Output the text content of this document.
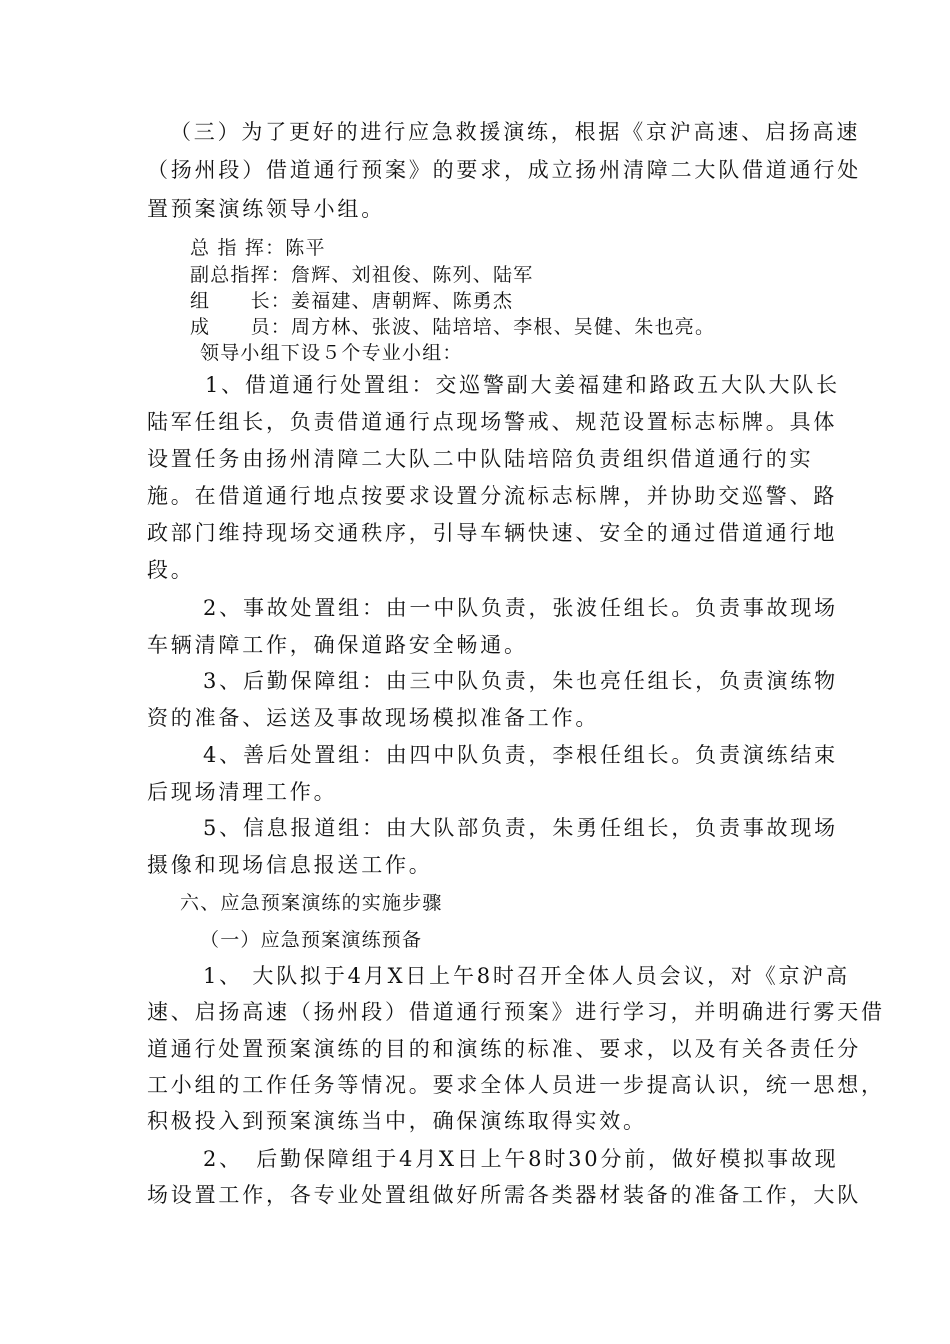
（三）为了更好的进行应急救援演练，根据《京沪高速、启扬高速
（扬州段）借道通行预案》的要求，成立扬州清障二大队借道通行处
置预案演练领导小组。
总 指 挥：陈平
副总指挥：詹辉、刘祖俊、陈列、陆军
组　　长：姜福建、唐朝辉、陈勇杰
成　　员：周方林、张波、陆培培、李根、吴健、朱也亮。
领导小组下设５个专业小组：
1、借道通行处置组：交巡警副大姜福建和路政五大队大队长
陆军任组长，负责借道通行点现场警戒、规范设置标志标牌。具体
设置任务由扬州清障二大队二中队陆培陪负责组织借道通行的实
施。在借道通行地点按要求设置分流标志标牌，并协助交巡警、路
政部门维持现场交通秩序，引导车辆快速、安全的通过借道通行地
段。
2、事故处置组：由一中队负责，张波任组长。负责事故现场
车辆清障工作，确保道路安全畅通。
3、后勤保障组：由三中队负责，朱也亮任组长，负责演练物
资的准备、运送及事故现场模拟准备工作。
4、善后处置组：由四中队负责，李根任组长。负责演练结束
后现场清理工作。
5、信息报道组：由大队部负责，朱勇任组长，负责事故现场
摄像和现场信息报送工作。
六、应急预案演练的实施步骤
（一）应急预案演练预备
1、 大队拟于4月X日上午8时召开全体人员会议，对《京沪高
速、启扬高速（扬州段）借道通行预案》进行学习，并明确进行雾天借
道通行处置预案演练的目的和演练的标准、要求，以及有关各责任分
工小组的工作任务等情况。要求全体人员进一步提高认识，统一思想，
积极投入到预案演练当中，确保演练取得实效。
2、　后勤保障组于4月X日上午8时30分前，做好模拟事故现
场设置工作，各专业处置组做好所需各类器材装备的准备工作，大队
